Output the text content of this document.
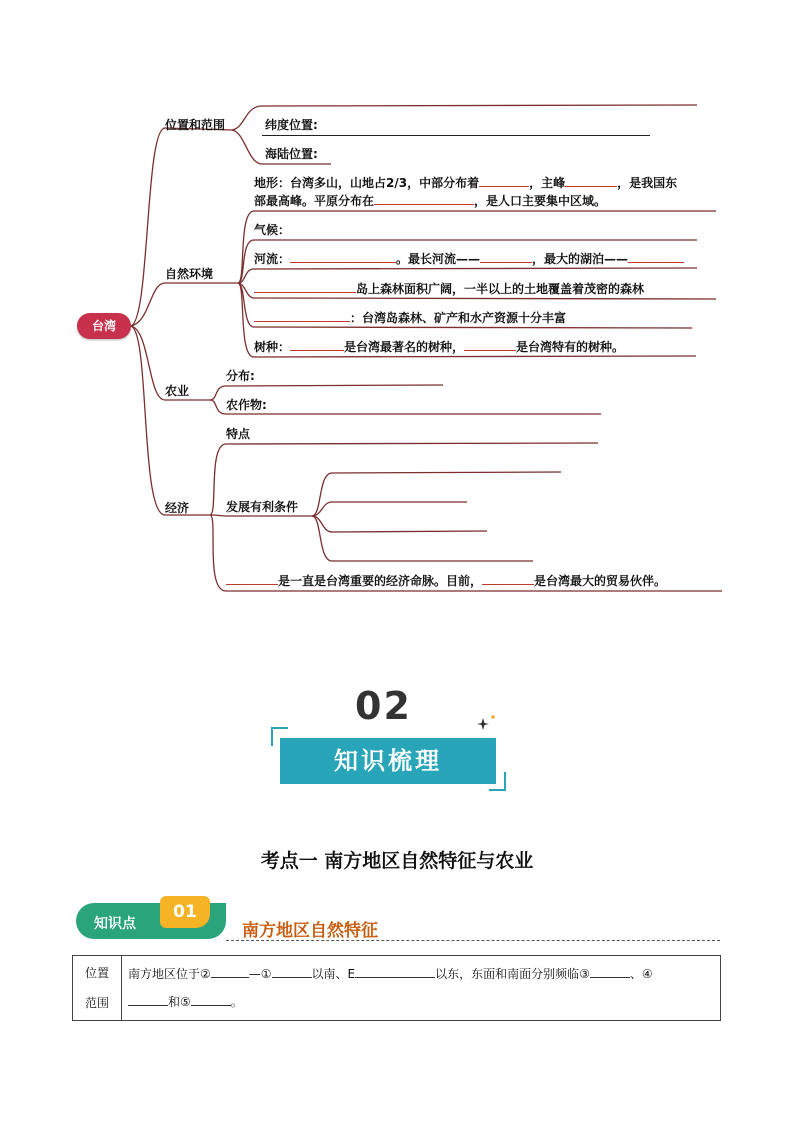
台湾
位置和范围
自然环境
农业
经济
纬度位置:
海陆位置:
地形：台湾多山，山地占2/3，中部分布着	，主峰	，是我国东
部最高峰。平原分布在	，是人口主要集中区域。
气候：
河流：	。最长河流——	，最大的湖泊——
岛上森林面积广阔，一半以上的土地覆盖着茂密的森林
：台湾岛森林、矿产和水产资源十分丰富
树种：	是台湾最著名的树种，	是台湾特有的树种。
分布:
农作物:
特点
发展有利条件
是一直是台湾重要的经济命脉。目前，	是台湾最大的贸易伙伴。
02
知识梳理
考点一 南方地区自然特征与农业
知识点
01
南方地区自然特征
位置
范围
	南方地区位于②	—①	以南、E	以东，东面和南面分别频临③	、④
和⑤	。
